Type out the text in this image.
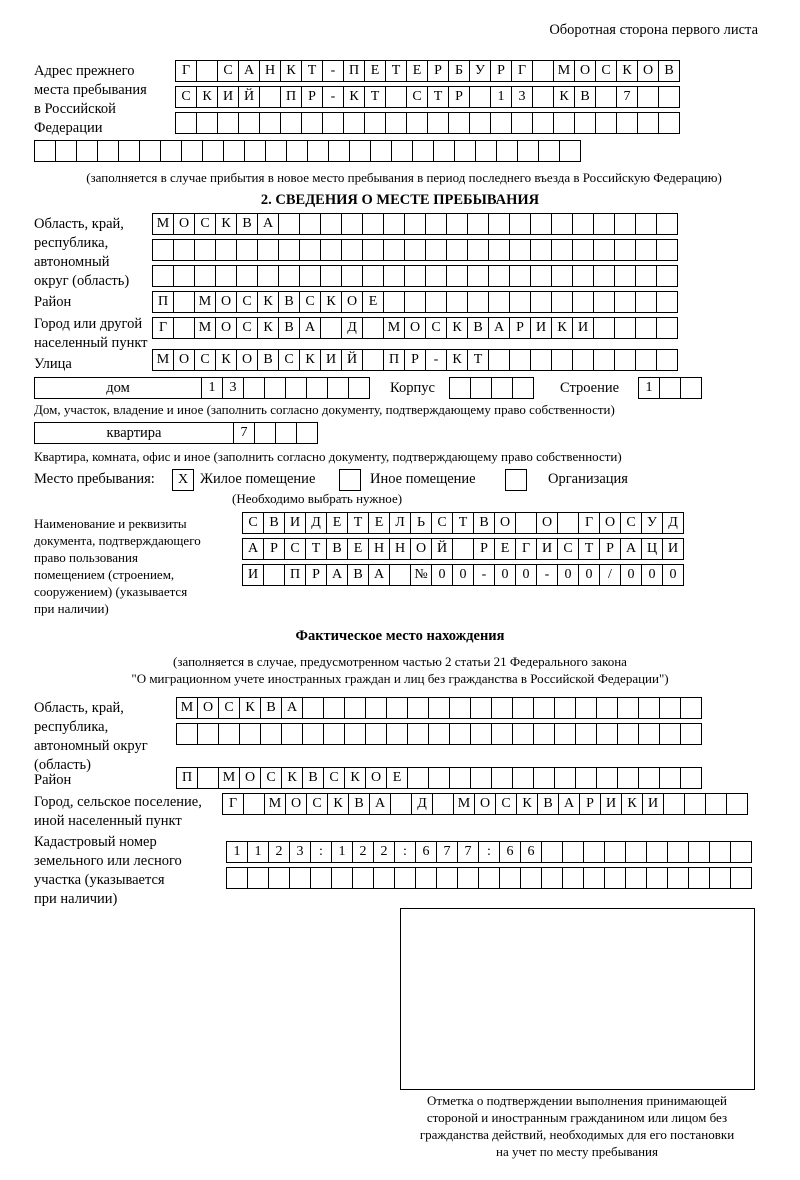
Оборотная сторона первого листа
Адрес прежнего
места пребывания
в Российской
Федерации
Г	С А Н К Т	- П Е Т Е Р Б У Р Г	М О С К О В
С К И Й	П Р	-	К Т	С Т Р	1	3	К В	7
(заполняется в случае прибытия в новое место пребывания в период последнего въезда в Российскую Федерацию)
2. СВЕДЕНИЯ О МЕСТЕ ПРЕБЫВАНИЯ
Область, край,
республика,
автономный
округ (область)
М О С К В А
Район	П	М О С К В С К О Е
Город или другой
населенный пункт
Г	М О С К В А	Д	М О С К В А Р И К И
Улица	М О С К О В С К И Й	П Р	-	К Т
дом	1	3	Корпус	Строение	1
Дом, участок, владение и иное (заполнить согласно документу, подтверждающему право собственности)
квартира	7
Квартира, комната, офис и иное (заполнить согласно документу, подтверждающему право собственности)
Место пребывания:	Х Жилое помещение	Иное помещение	Организация
(Необходимо выбрать нужное)
Наименование и реквизиты
документа, подтверждающего
право пользования
помещением (строением,
сооружением) (указывается
при наличии)
С В И Д Е Т Е Л Ь С Т В О	О	Г О С У Д
А Р С Т В Е Н Н О Й	Р Е Г И С Т Р А Ц И
И	П Р А В А	№ 0	0	-	0	0	-	0	0	/	0	0	0
Фактическое место нахождения
(заполняется в случае, предусмотренном частью 2 статьи 21 Федерального закона
"О миграционном учете иностранных граждан и лиц без гражданства в Российской Федерации")
Область, край,
республика,
автономный округ
(область)
М О С К В А
Район	П	М О С К В С К О Е
Город, сельское поселение,
иной населенный пункт
Г	М О С К В А	Д	М О С К В А Р И К И
Кадастровый номер
земельного или лесного
участка (указывается
при наличии)
1	1	2	3	:	1	2	2	:	6	7	7	:	6	6
Отметка о подтверждении выполнения принимающей
стороной и иностранным гражданином или лицом без
гражданства действий, необходимых для его постановки
на учет по месту пребывания
